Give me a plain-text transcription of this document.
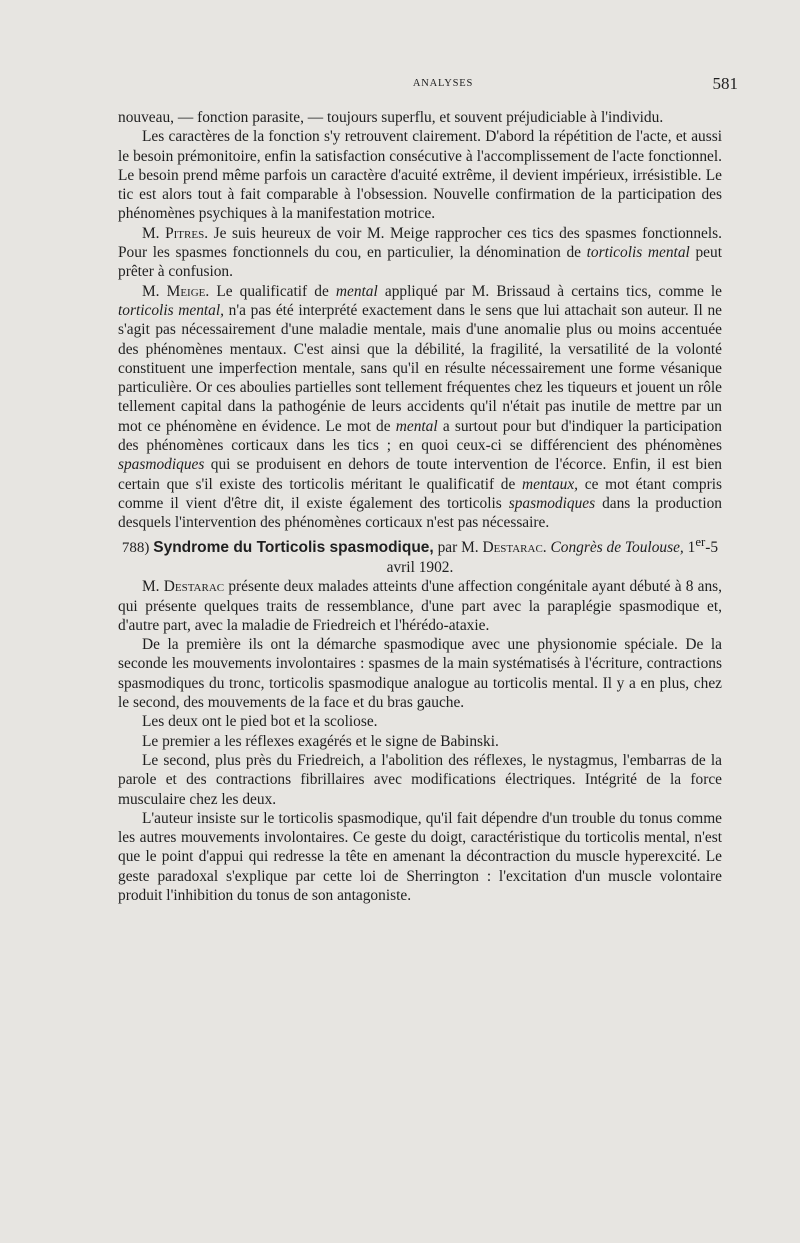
ANALYSES	581

nouveau, — fonction parasite, — toujours superflu, et souvent préjudiciable à l'individu.

Les caractères de la fonction s'y retrouvent clairement. D'abord la répétition de l'acte, et aussi le besoin prémonitoire, enfin la satisfaction consécutive à l'accomplissement de l'acte fonctionnel. Le besoin prend même parfois un caractère d'acuité extrême, il devient impérieux, irrésistible. Le tic est alors tout à fait comparable à l'obsession. Nouvelle confirmation de la participation des phénomènes psychiques à la manifestation motrice.

M. Pitres. Je suis heureux de voir M. Meige rapprocher ces tics des spasmes fonctionnels. Pour les spasmes fonctionnels du cou, en particulier, la dénomination de torticolis mental peut prêter à confusion.

M. Meige. Le qualificatif de mental appliqué par M. Brissaud à certains tics, comme le torticolis mental, n'a pas été interprété exactement dans le sens que lui attachait son auteur. Il ne s'agit pas nécessairement d'une maladie mentale, mais d'une anomalie plus ou moins accentuée des phénomènes mentaux. C'est ainsi que la débilité, la fragilité, la versatilité de la volonté constituent une imperfection mentale, sans qu'il en résulte nécessairement une forme vésanique particulière. Or ces aboulies partielles sont tellement fréquentes chez les tiqueurs et jouent un rôle tellement capital dans la pathogénie de leurs accidents qu'il n'était pas inutile de mettre par un mot ce phénomène en évidence. Le mot de mental a surtout pour but d'indiquer la participation des phénomènes corticaux dans les tics ; en quoi ceux-ci se différencient des phénomènes spasmodiques qui se produisent en dehors de toute intervention de l'écorce. Enfin, il est bien certain que s'il existe des torticolis méritant le qualificatif de mentaux, ce mot étant compris comme il vient d'être dit, il existe également des torticolis spasmodiques dans la production desquels l'intervention des phénomènes corticaux n'est pas nécessaire.

788) Syndrome du Torticolis spasmodique, par M. Destarac. Congrès de Toulouse, 1er-5 avril 1902.

M. Destarac présente deux malades atteints d'une affection congénitale ayant débuté à 8 ans, qui présente quelques traits de ressemblance, d'une part avec la paraplégie spasmodique et, d'autre part, avec la maladie de Friedreich et l'hérédo-ataxie.

De la première ils ont la démarche spasmodique avec une physionomie spéciale. De la seconde les mouvements involontaires : spasmes de la main systématisés à l'écriture, contractions spasmodiques du tronc, torticolis spasmodique analogue au torticolis mental. Il y a en plus, chez le second, des mouvements de la face et du bras gauche.

Les deux ont le pied bot et la scoliose.

Le premier a les réflexes exagérés et le signe de Babinski.

Le second, plus près du Friedreich, a l'abolition des réflexes, le nystagmus, l'embarras de la parole et des contractions fibrillaires avec modifications électriques. Intégrité de la force musculaire chez les deux.

L'auteur insiste sur le torticolis spasmodique, qu'il fait dépendre d'un trouble du tonus comme les autres mouvements involontaires. Ce geste du doigt, caractéristique du torticolis mental, n'est que le point d'appui qui redresse la tête en amenant la décontraction du muscle hyperexcité. Le geste paradoxal s'explique par cette loi de Sherrington : l'excitation d'un muscle volontaire produit l'inhibition du tonus de son antagoniste.
